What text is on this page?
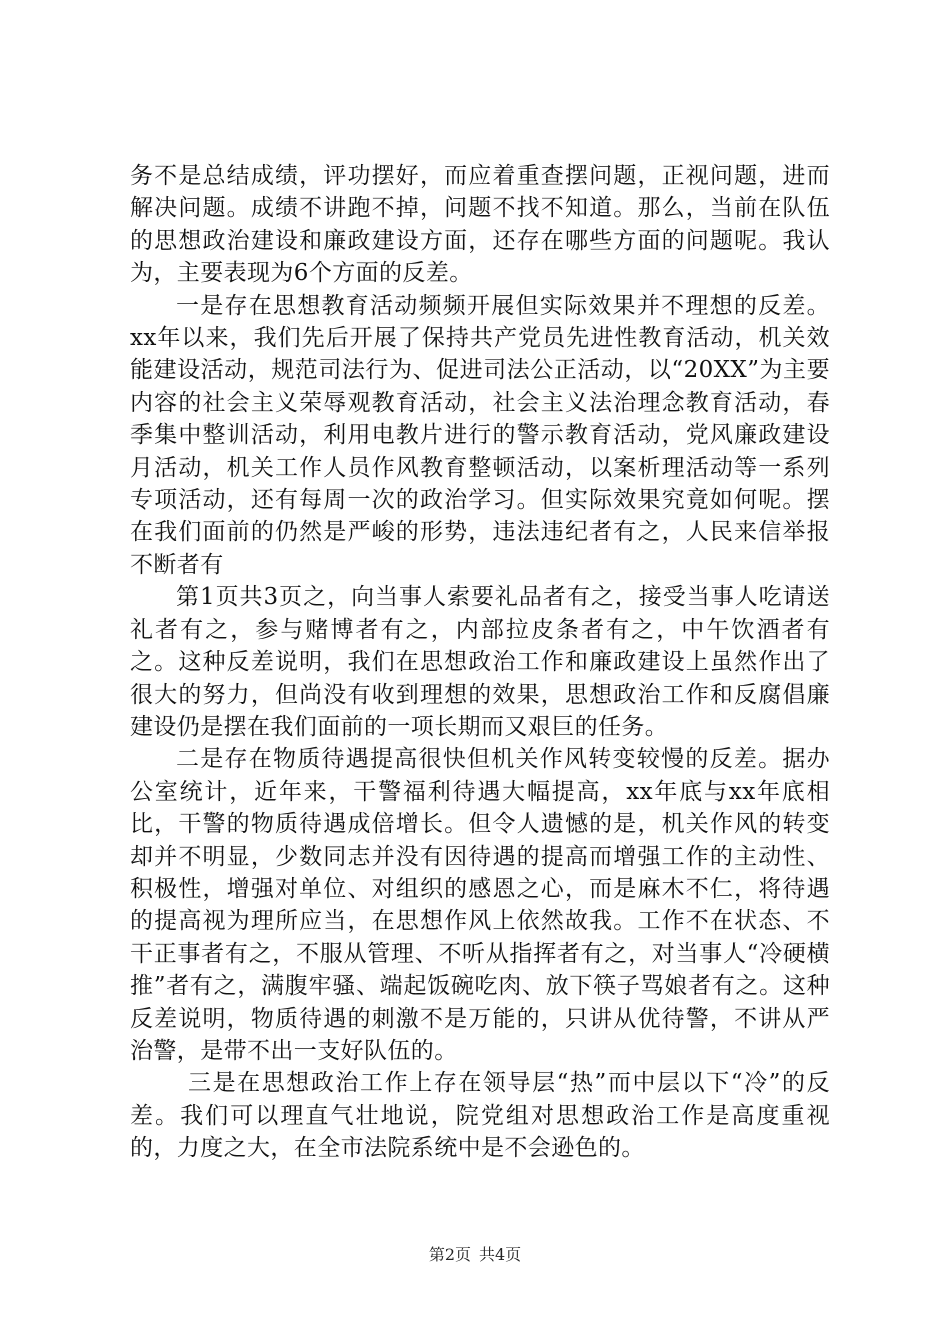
务不是总结成绩，评功摆好，而应着重查摆问题，正视问题，进而解决问题。成绩不讲跑不掉，问题不找不知道。那么，当前在队伍的思想政治建设和廉政建设方面，还存在哪些方面的问题呢。我认为，主要表现为6个方面的反差。

一是存在思想教育活动频频开展但实际效果并不理想的反差。xx年以来，我们先后开展了保持共产党员先进性教育活动，机关效能建设活动，规范司法行为、促进司法公正活动，以“20XX”为主要内容的社会主义荣辱观教育活动，社会主义法治理念教育活动，春季集中整训活动，利用电教片进行的警示教育活动，党风廉政建设月活动，机关工作人员作风教育整顿活动，以案析理活动等一系列专项活动，还有每周一次的政治学习。但实际效果究竟如何呢。摆在我们面前的仍然是严峻的形势，违法违纪者有之，人民来信举报不断者有

第1页共3页之，向当事人索要礼品者有之，接受当事人吃请送礼者有之，参与赌博者有之，内部拉皮条者有之，中午饮酒者有之。这种反差说明，我们在思想政治工作和廉政建设上虽然作出了很大的努力，但尚没有收到理想的效果，思想政治工作和反腐倡廉建设仍是摆在我们面前的一项长期而又艰巨的任务。

二是存在物质待遇提高很快但机关作风转变较慢的反差。据办公室统计，近年来，干警福利待遇大幅提高，xx年底与xx年底相比，干警的物质待遇成倍增长。但令人遗憾的是，机关作风的转变却并不明显，少数同志并没有因待遇的提高而增强工作的主动性、积极性，增强对单位、对组织的感恩之心，而是麻木不仁，将待遇的提高视为理所应当，在思想作风上依然故我。工作不在状态、不干正事者有之，不服从管理、不听从指挥者有之，对当事人“冷硬横推”者有之，满腹牢骚、端起饭碗吃肉、放下筷子骂娘者有之。这种反差说明，物质待遇的刺激不是万能的，只讲从优待警，不讲从严治警，是带不出一支好队伍的。

三是在思想政治工作上存在领导层“热”而中层以下“冷”的反差。我们可以理直气壮地说，院党组对思想政治工作是高度重视的，力度之大，在全市法院系统中是不会逊色的。

第2页 共4页
